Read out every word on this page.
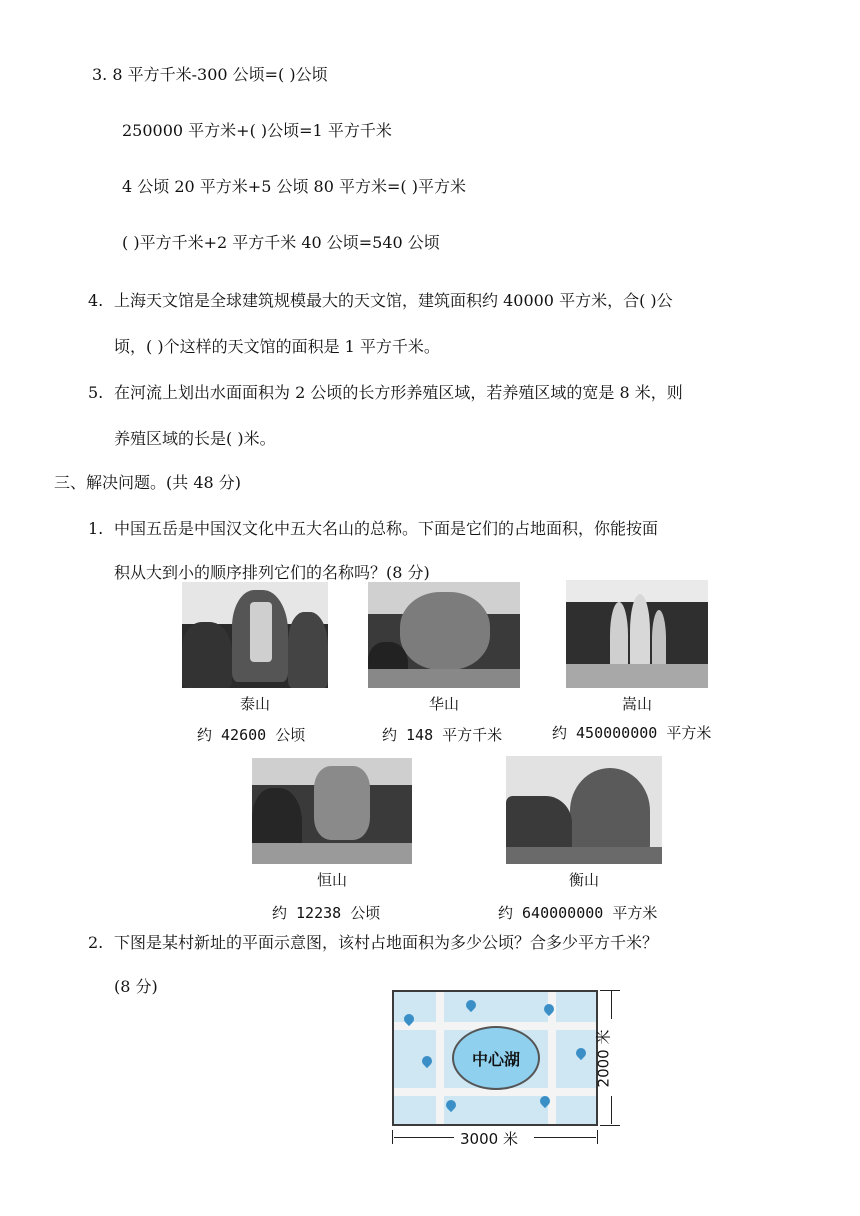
3. 8 平方千米-300 公顷=( )公顷
250000 平方米+( )公顷=1 平方千米
4 公顷 20 平方米+5 公顷 80 平方米=( )平方米
( )平方千米+2 平方千米 40 公顷=540 公顷
4. 上海天文馆是全球建筑规模最大的天文馆，建筑面积约 40000 平方米，合( )公
顷，( )个这样的天文馆的面积是 1 平方千米。
5. 在河流上划出水面面积为 2 公顷的长方形养殖区域，若养殖区域的宽是 8 米，则
养殖区域的长是( )米。
三、解决问题。(共 48 分)
1. 中国五岳是中国汉文化中五大名山的总称。下面是它们的占地面积，你能按面
积从大到小的顺序排列它们的名称吗？(8 分)
泰山
约 42600 公顷
华山
约 148 平方千米
嵩山
约 450000000 平方米
恒山
约 12238 公顷
衡山
约 640000000 平方米
2. 下图是某村新址的平面示意图，该村占地面积为多少公顷？合多少平方千米？
(8 分)
中心湖
3000 米
2000 米
